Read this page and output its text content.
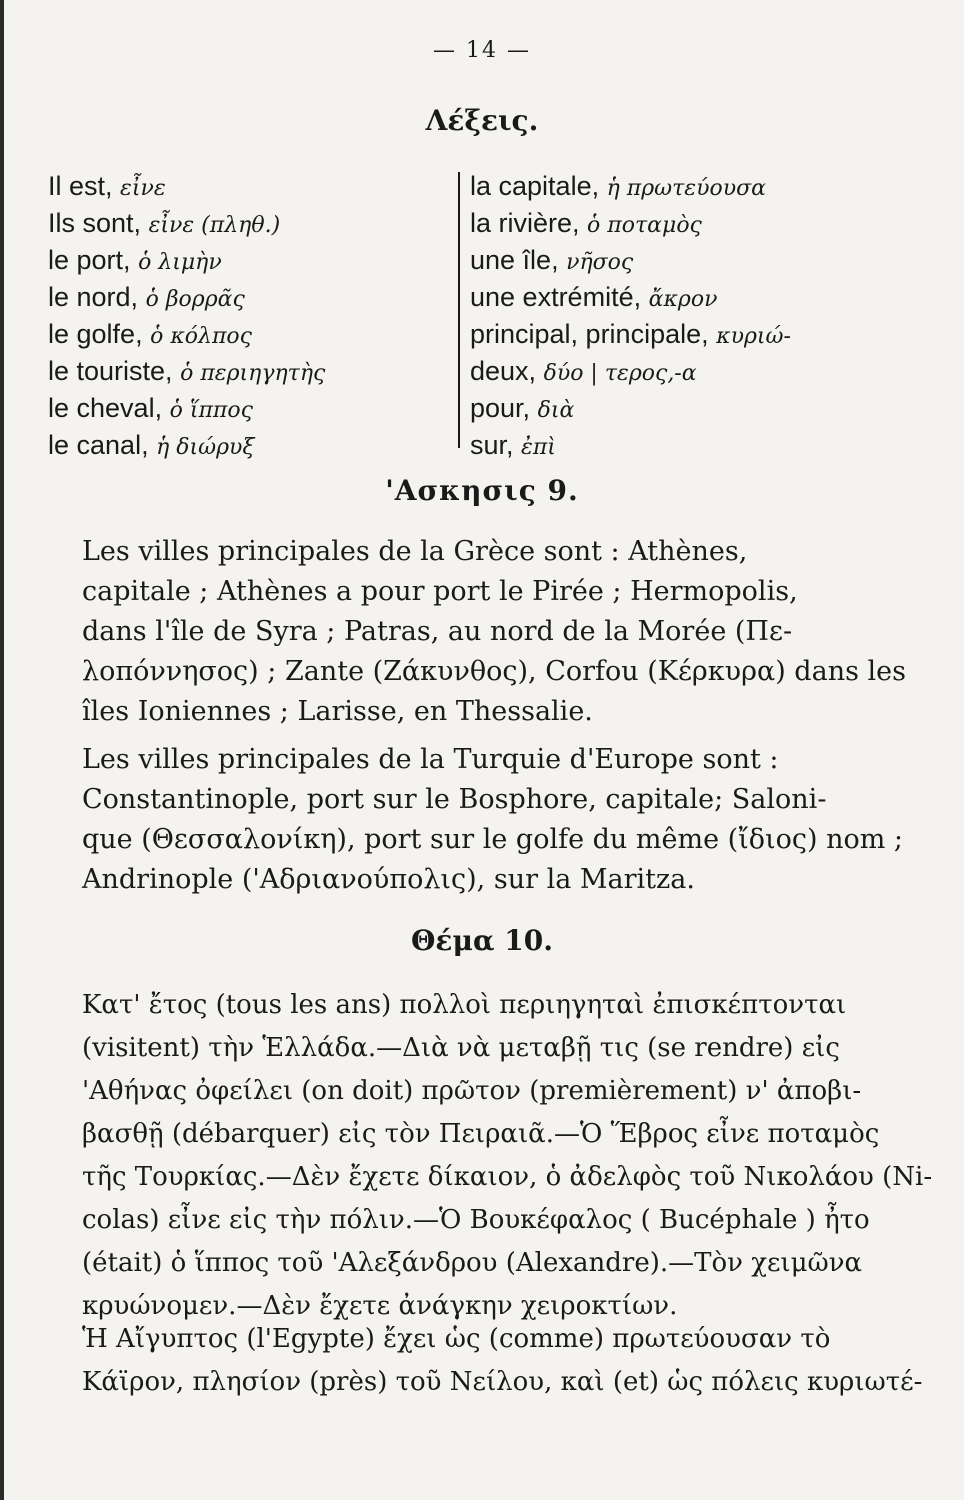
— 14 —
Λέξεις.
Il est, εἶνε
Ils sont, εἶνε (πληθ.)
le port, ὁ λιμὴν
le nord, ὁ βορρᾶς
le golfe, ὁ κόλπος
le touriste, ὁ περιηγητὴς
le cheval, ὁ ἵππος
le canal, ἡ διώρυξ
la capitale, ἡ πρωτεύουσα
la rivière, ὁ ποταμὸς
une île, νῆσος
une extrémité, ἄκρον
principal, principale, κυριώ-
deux, δύο | τερος,-α
pour, διὰ
sur, ἐπὶ
'Ασκησις 9.
Les villes principales de la Grèce sont : Athènes,
capitale ; Athènes a pour port le Pirée ; Hermopolis,
dans l'île de Syra ; Patras, au nord de la Morée (Πε-
λοπόννησος) ; Zante (Ζάκυνθος), Corfou (Κέρκυρα) dans les
îles Ioniennes ; Larisse, en Thessalie.
Les villes principales de la Turquie d'Europe sont :
Constantinople, port sur le Bosphore, capitale; Saloni-
que (Θεσσαλονίκη), port sur le golfe du même (ἴδιος) nom ;
Andrinople ('Αδριανούπολις), sur la Maritza.
Θέμα 10.
Κατ' ἔτος (tous les ans) πολλοὶ περιηγηταὶ ἐπισκέπτονται
(visitent) τὴν Ἑλλάδα.—Διὰ νὰ μεταβῇ τις (se rendre) εἰς
'Αθήνας ὀφείλει (on doit) πρῶτον (premièrement) ν' ἀποβι-
βασθῇ (débarquer) εἰς τὸν Πειραιᾶ.—Ὁ Ἕβρος εἶνε ποταμὸς
τῆς Τουρκίας.—Δὲν ἔχετε δίκαιον, ὁ ἀδελφὸς τοῦ Νικολάου (Ni-
colas) εἶνε εἰς τὴν πόλιν.—Ὁ Βουκέφαλος ( Bucéphale ) ἦτο
(était) ὁ ἵππος τοῦ 'Αλεξάνδρου (Alexandre).—Τὸν χειμῶνα
κρυώνομεν.—Δὲν ἔχετε ἀνάγκην χειροκτίων.
Ἡ Αἴγυπτος (l'Egypte) ἔχει ὡς (comme) πρωτεύουσαν τὸ
Κάϊρον, πλησίον (près) τοῦ Νείλου, καὶ (et) ὡς πόλεις κυριωτέ-
